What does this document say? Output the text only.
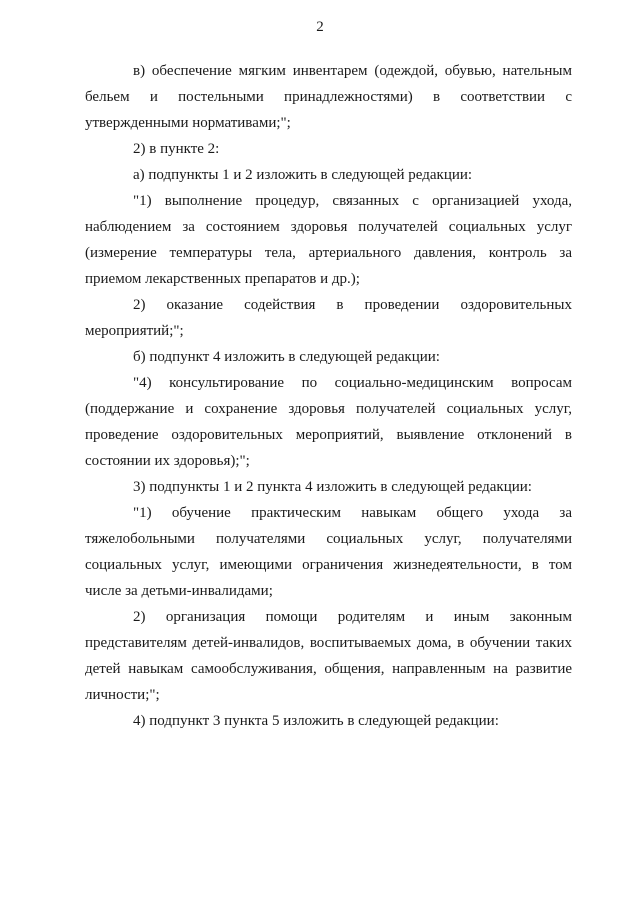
2

в) обеспечение мягким инвентарем (одеждой, обувью, нательным бельем и постельными принадлежностями) в соответствии с утвержденными нормативами;";

2) в пункте 2:

а) подпункты 1 и 2 изложить в следующей редакции:

"1) выполнение процедур, связанных с организацией ухода, наблюдением за состоянием здоровья получателей социальных услуг (измерение температуры тела, артериального давления, контроль за приемом лекарственных препаратов и др.);

2) оказание содействия в проведении оздоровительных мероприятий;";

б) подпункт 4 изложить в следующей редакции:

"4) консультирование по социально-медицинским вопросам (поддержание и сохранение здоровья получателей социальных услуг, проведение оздоровительных мероприятий, выявление отклонений в состоянии их здоровья);";

3) подпункты 1 и 2 пункта 4 изложить в следующей редакции:

"1) обучение практическим навыкам общего ухода за тяжелобольными получателями социальных услуг, получателями социальных услуг, имеющими ограничения жизнедеятельности, в том числе за детьми-инвалидами;

2) организация помощи родителям и иным законным представителям детей-инвалидов, воспитываемых дома, в обучении таких детей навыкам самообслуживания, общения, направленным на развитие личности;";

4) подпункт 3 пункта 5 изложить в следующей редакции:
